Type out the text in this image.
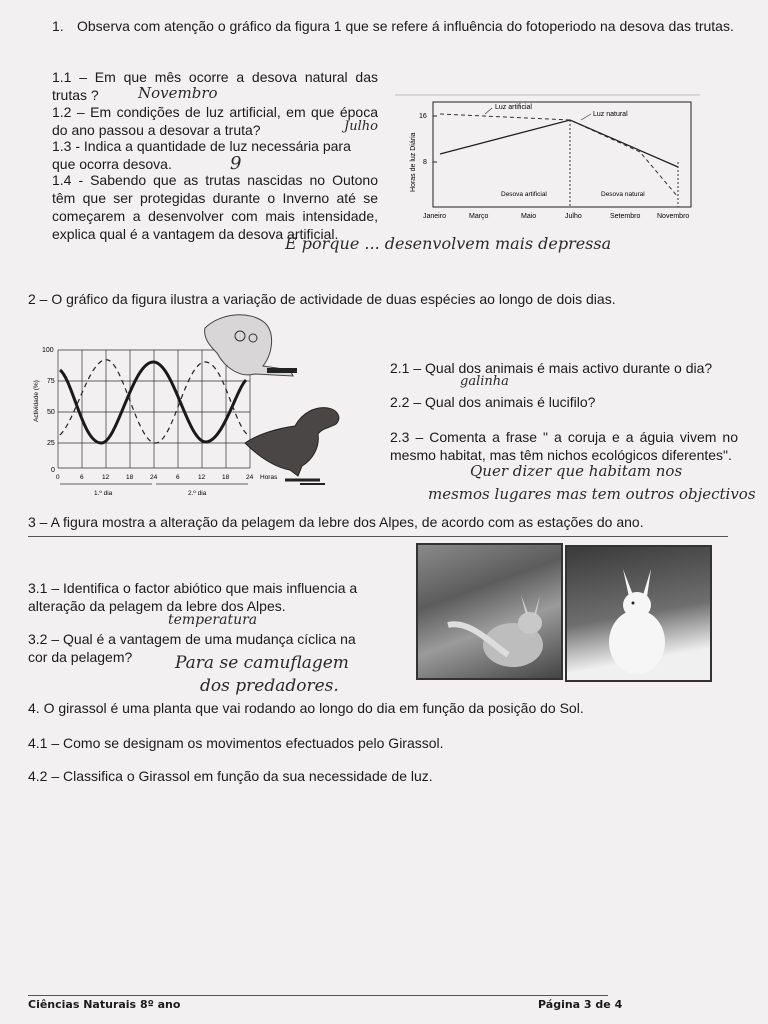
1. Observa com atenção o gráfico da figura 1 que se refere á influência do fotoperiodo na desova das trutas.
1.1 – Em que mês ocorre a desova natural das trutas ?	Novembro
1.2 – Em condições de luz artificial, em que época do ano passou a desovar a truta?	Julho
1.3 - Indica a quantidade de luz necessária para que ocorra desova.	9
1.4 - Sabendo que as trutas nascidas no Outono têm que ser protegidas durante o Inverno até se começarem a desenvolver com mais intensidade, explica qual é a vantagem da desova artificial.
É porque ... desenvolvem mais depressa
Horas de luz Diária
16
8
Luz artificial
Luz natural
Desova artificial	Desova natural
Janeiro	Março	Maio	Julho	Setembro Novembro
2 – O gráfico da figura ilustra a variação de actividade de duas espécies ao longo de dois dias.
Actividade (%)
100
75
50
25
0
0	6	12	18	24	6	12	18	24 Horas
1.º dia	2.º dia
2.1 – Qual dos animais é mais activo durante o dia?
galinha
2.2 – Qual dos animais é lucifilo?
2.3 – Comenta a frase " a coruja e a águia vivem no mesmo habitat, mas têm nichos ecológicos diferentes".
Quer dizer que habitam nos
mesmos lugares mas tem outros objectivos
3 – A figura mostra a alteração da pelagem da lebre dos Alpes, de acordo com as estações do ano.
3.1 – Identifica o factor abiótico que mais influencia a alteração da pelagem da lebre dos Alpes.
temperatura
3.2 – Qual é a vantagem de uma mudança cíclica na cor da pelagem?	Para se camuflagem
dos predadores.
4. O girassol é uma planta que vai rodando ao longo do dia em função da posição do Sol.
4.1 – Como se designam os movimentos efectuados pelo Girassol.
4.2 – Classifica o Girassol em função da sua necessidade de luz.
Ciências Naturais 8º ano	Página 3 de 4
